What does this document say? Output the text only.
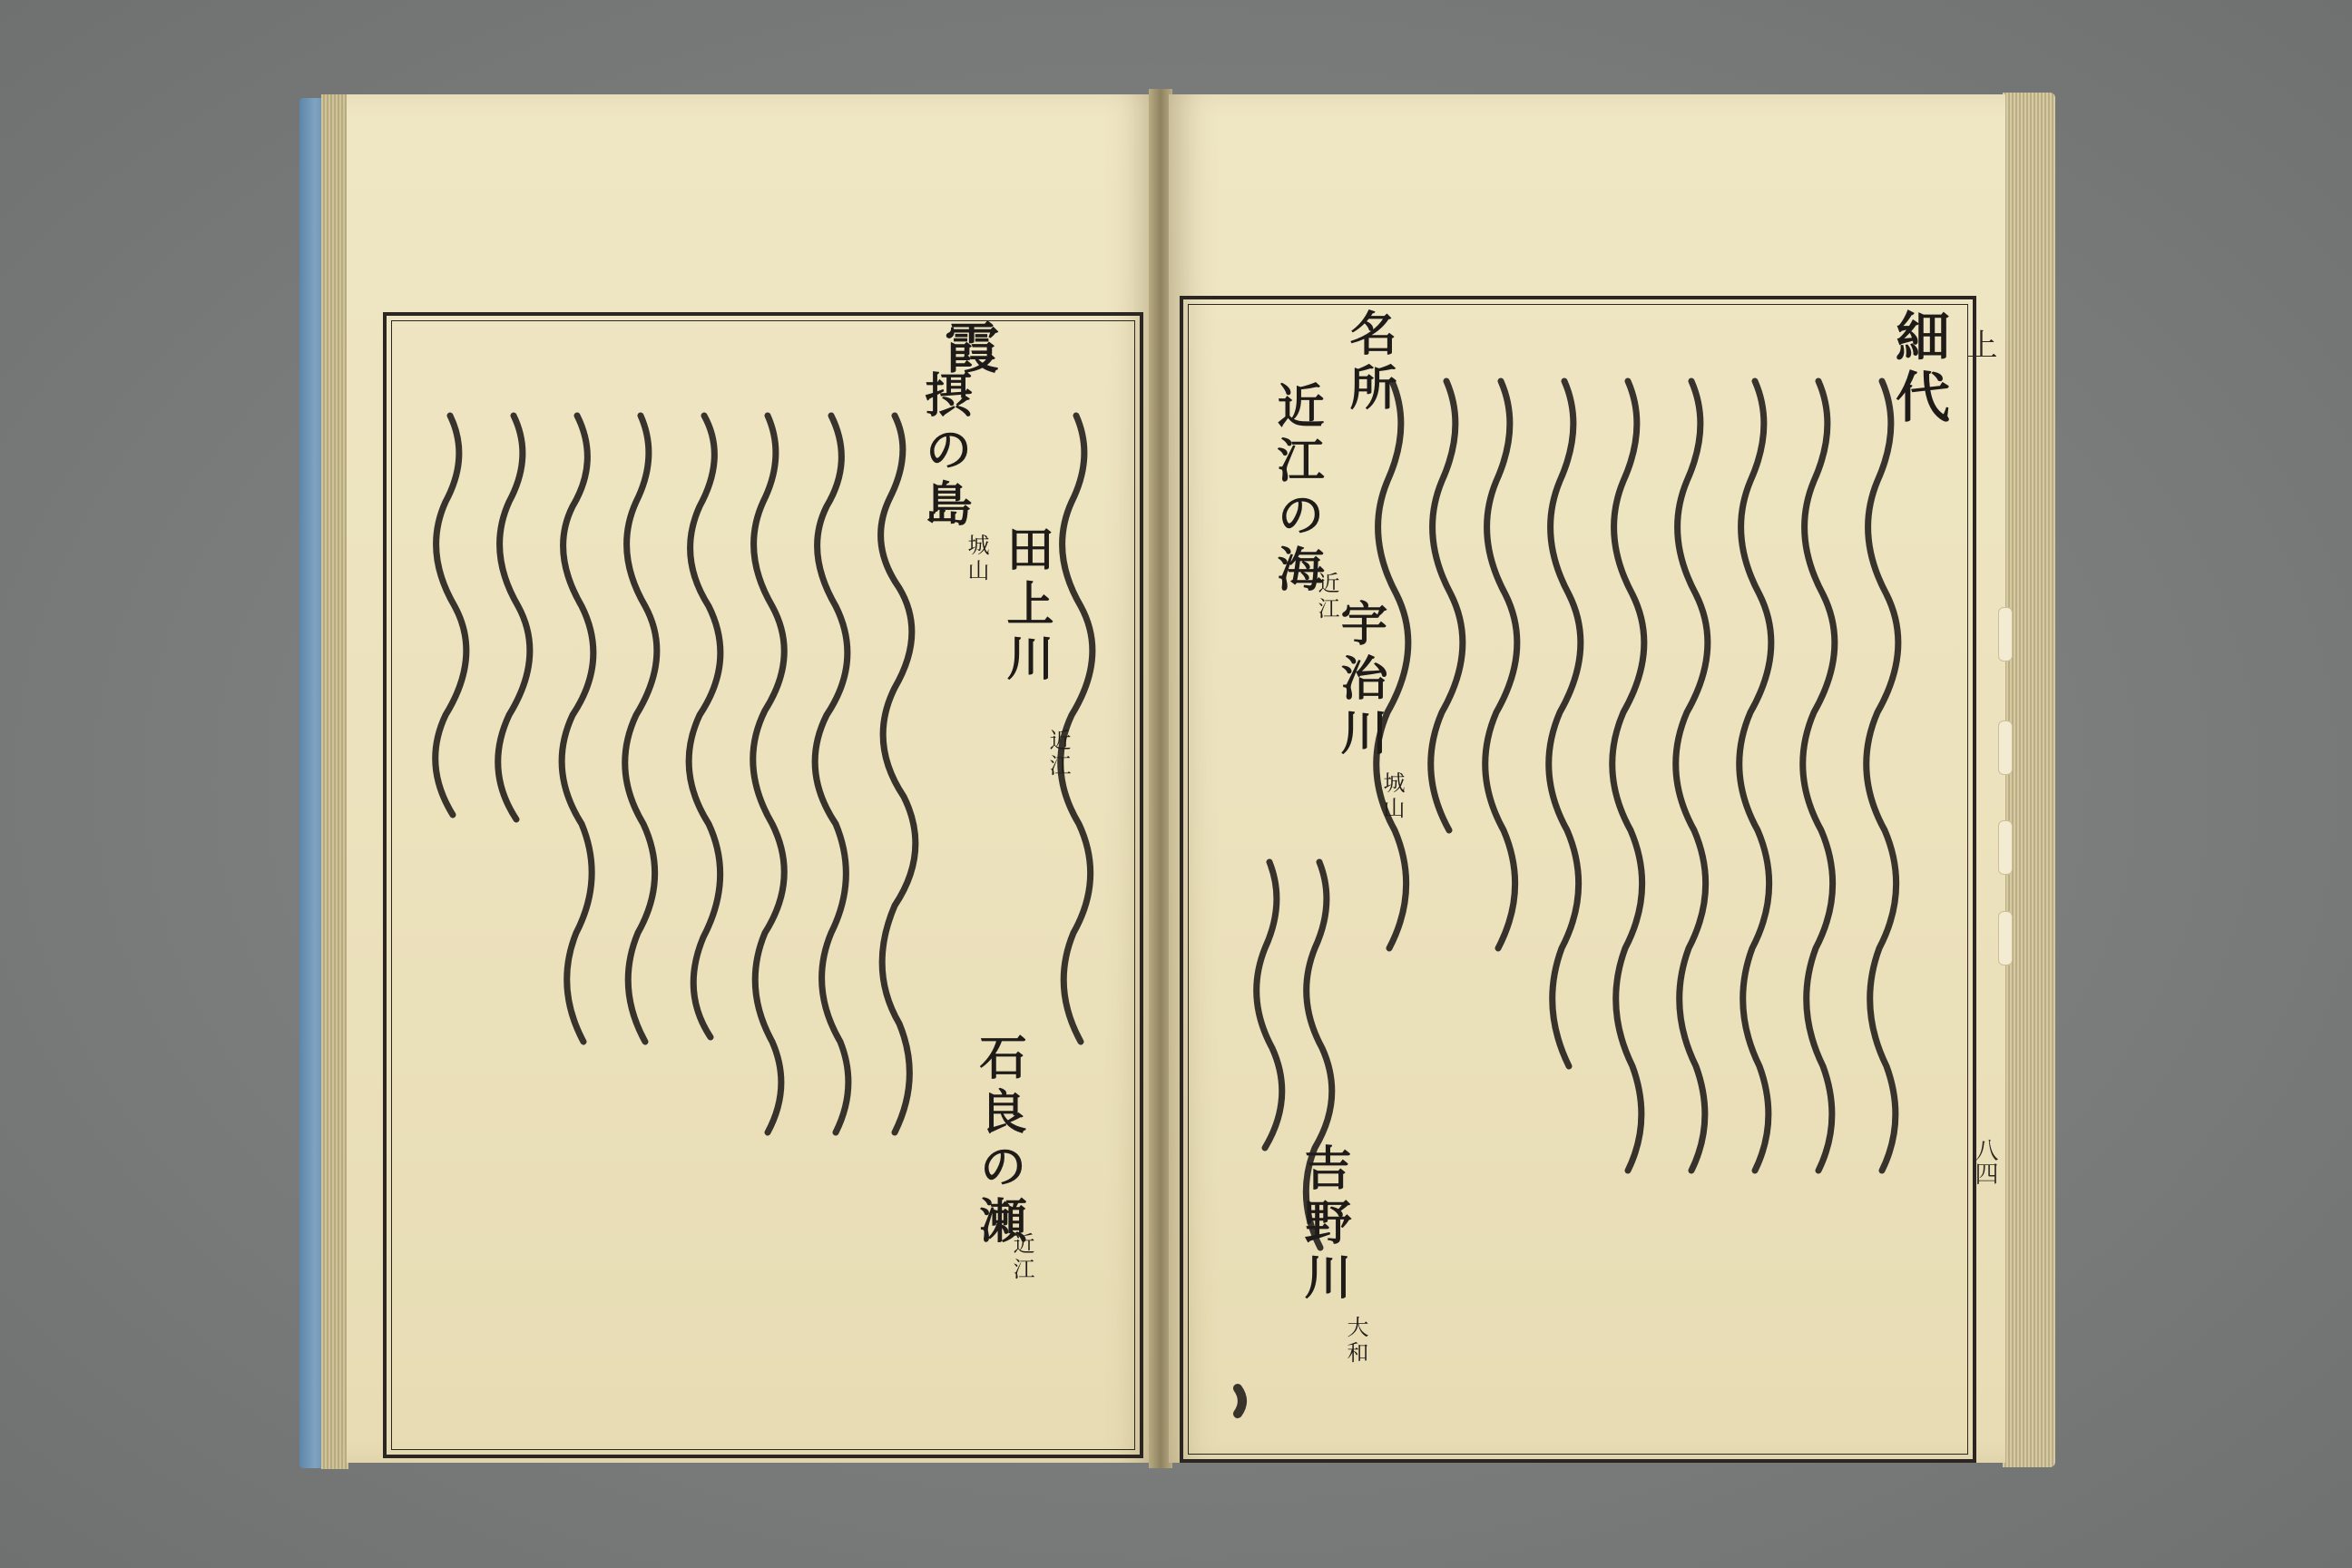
霞
田上川
近江
摂の島
城山
石良の瀬
近江
上
八四
細代
名所
近江の海
近江
宇治川
城山
吉野川
大和
